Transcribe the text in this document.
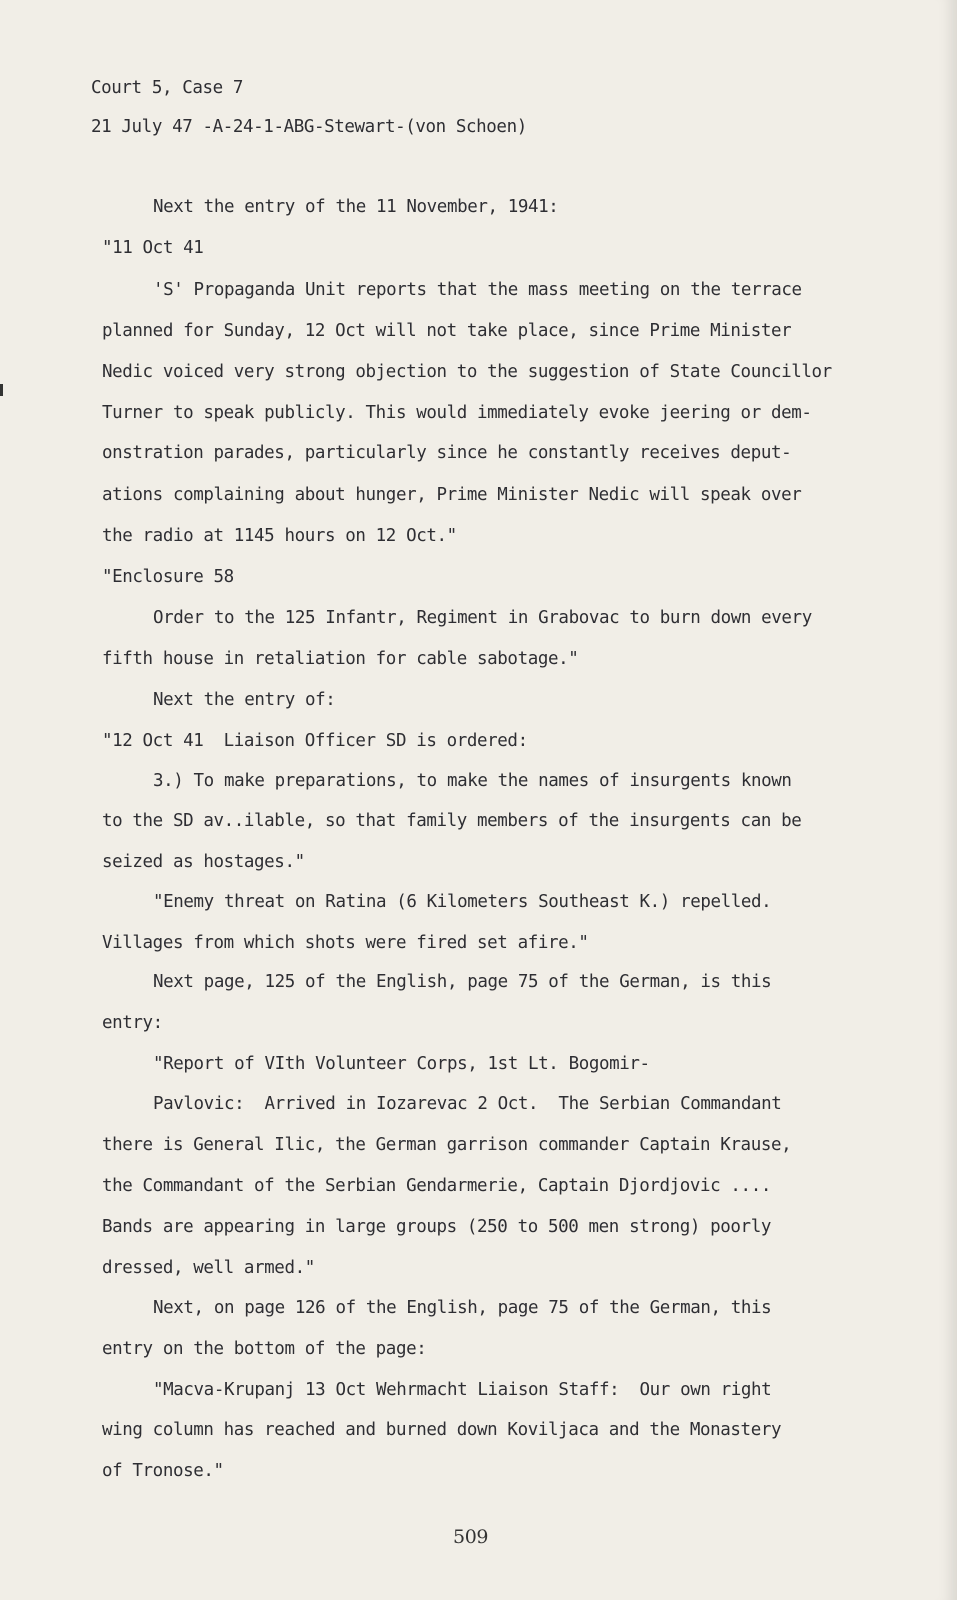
Court 5, Case 7

21 July 47 -A-24-1-ABG-Stewart-(von Schoen)

Next the entry of the 11 November, 1941:

"11 Oct 41

'S' Propaganda Unit reports that the mass meeting on the terrace

planned for Sunday, 12 Oct will not take place, since Prime Minister

Nedic voiced very strong objection to the suggestion of State Councillor

Turner to speak publicly. This would immediately evoke jeering or dem-

onstration parades, particularly since he constantly receives deput-

ations complaining about hunger, Prime Minister Nedic will speak over

the radio at 1145 hours on 12 Oct."

"Enclosure 58

Order to the 125 Infantr, Regiment in Grabovac to burn down every

fifth house in retaliation for cable sabotage."

Next the entry of:

"12 Oct 41  Liaison Officer SD is ordered:

3.) To make preparations, to make the names of insurgents known

to the SD av..ilable, so that family members of the insurgents can be

seized as hostages."

"Enemy threat on Ratina (6 Kilometers Southeast K.) repelled.

Villages from which shots were fired set afire."

Next page, 125 of the English, page 75 of the German, is this

entry:

"Report of VIth Volunteer Corps, 1st Lt. Bogomir-

Pavlovic:  Arrived in Iozarevac 2 Oct.  The Serbian Commandant

there is General Ilic, the German garrison commander Captain Krause,

the Commandant of the Serbian Gendarmerie, Captain Djordjovic ....

Bands are appearing in large groups (250 to 500 men strong) poorly

dressed, well armed."

Next, on page 126 of the English, page 75 of the German, this

entry on the bottom of the page:

"Macva-Krupanj 13 Oct Wehrmacht Liaison Staff:  Our own right

wing column has reached and burned down Koviljaca and the Monastery

of Tronose."

509
